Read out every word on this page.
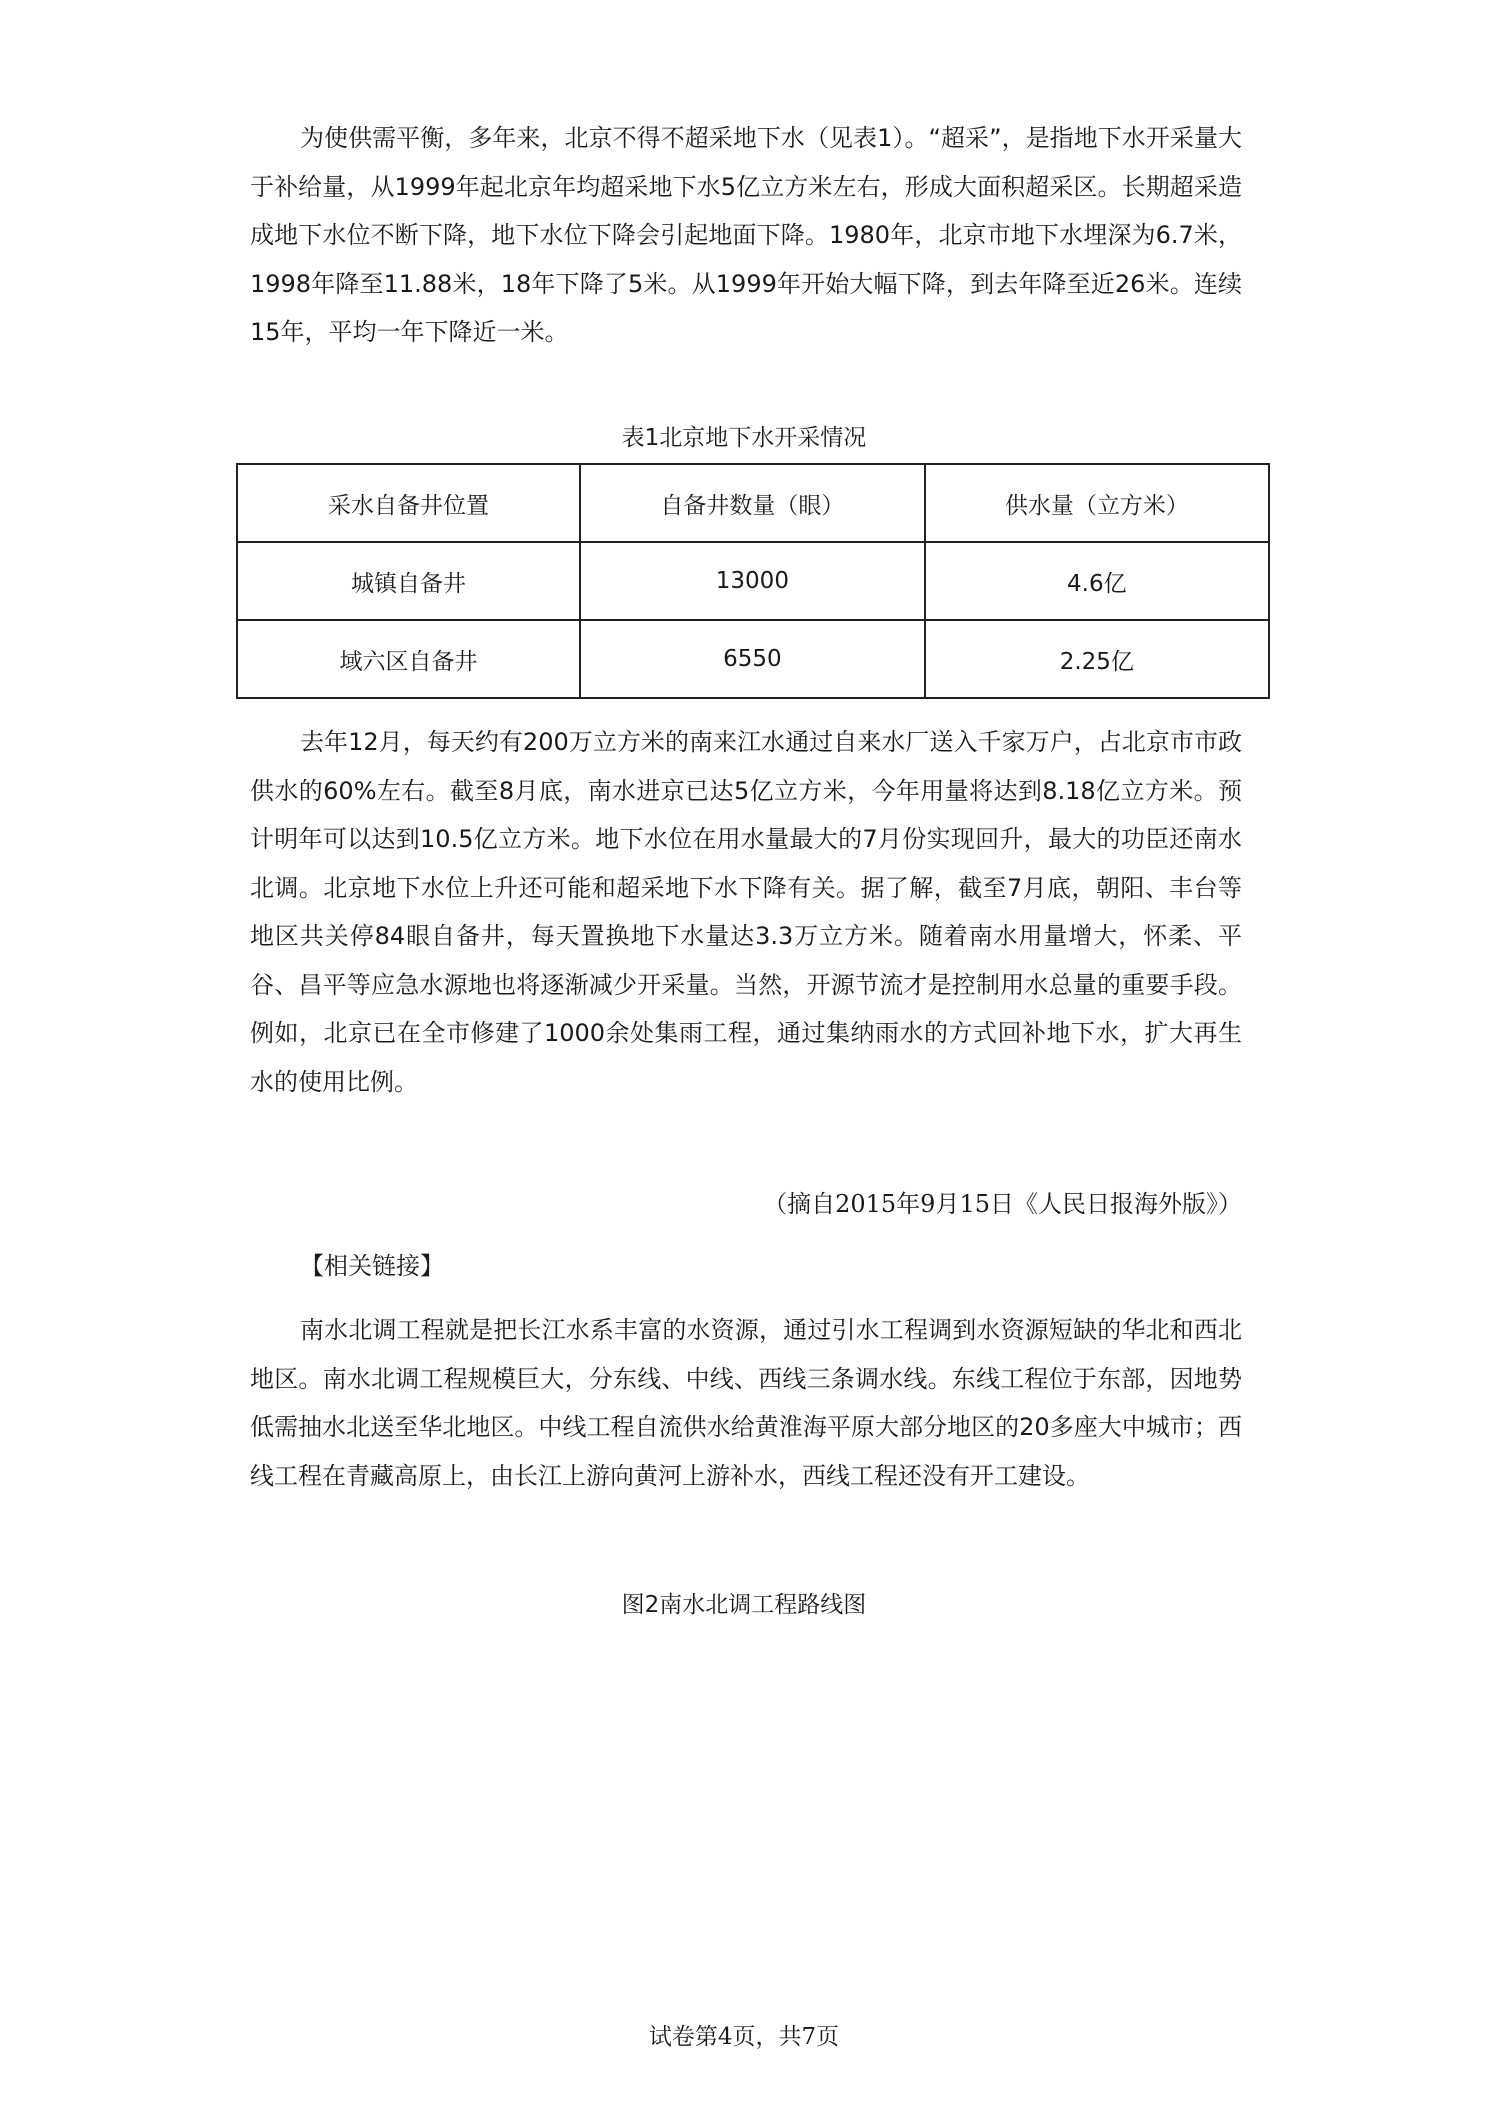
为使供需平衡，多年来，北京不得不超采地下水（见表1）。“超采”，是指地下水开采量大于补给量，从1999年起北京年均超采地下水5亿立方米左右，形成大面积超采区。长期超采造成地下水位不断下降，地下水位下降会引起地面下降。1980年，北京市地下水埋深为6.7米，1998年降至11.88米，18年下降了5米。从1999年开始大幅下降，到去年降至近26米。连续15年，平均一年下降近一米。

表1北京地下水开采情况

采水自备井位置	自备井数量（眼）	供水量（立方米）
城镇自备井	13000	4.6亿
域六区自备井	6550	2.25亿

去年12月，每天约有200万立方米的南来江水通过自来水厂送入千家万户，占北京市市政供水的60%左右。截至8月底，南水进京已达5亿立方米，今年用量将达到8.18亿立方米。预计明年可以达到10.5亿立方米。地下水位在用水量最大的7月份实现回升，最大的功臣还南水北调。北京地下水位上升还可能和超采地下水下降有关。据了解，截至7月底，朝阳、丰台等地区共关停84眼自备井，每天置换地下水量达3.3万立方米。随着南水用量增大，怀柔、平谷、昌平等应急水源地也将逐渐减少开采量。当然，开源节流才是控制用水总量的重要手段。例如，北京已在全市修建了1000余处集雨工程，通过集纳雨水的方式回补地下水，扩大再生水的使用比例。

（摘自2015年9月15日《人民日报海外版》）

【相关链接】

南水北调工程就是把长江水系丰富的水资源，通过引水工程调到水资源短缺的华北和西北地区。南水北调工程规模巨大，分东线、中线、西线三条调水线。东线工程位于东部，因地势低需抽水北送至华北地区。中线工程自流供水给黄淮海平原大部分地区的20多座大中城市；西线工程在青藏高原上，由长江上游向黄河上游补水，西线工程还没有开工建设。

图2南水北调工程路线图

试卷第4页，共7页
